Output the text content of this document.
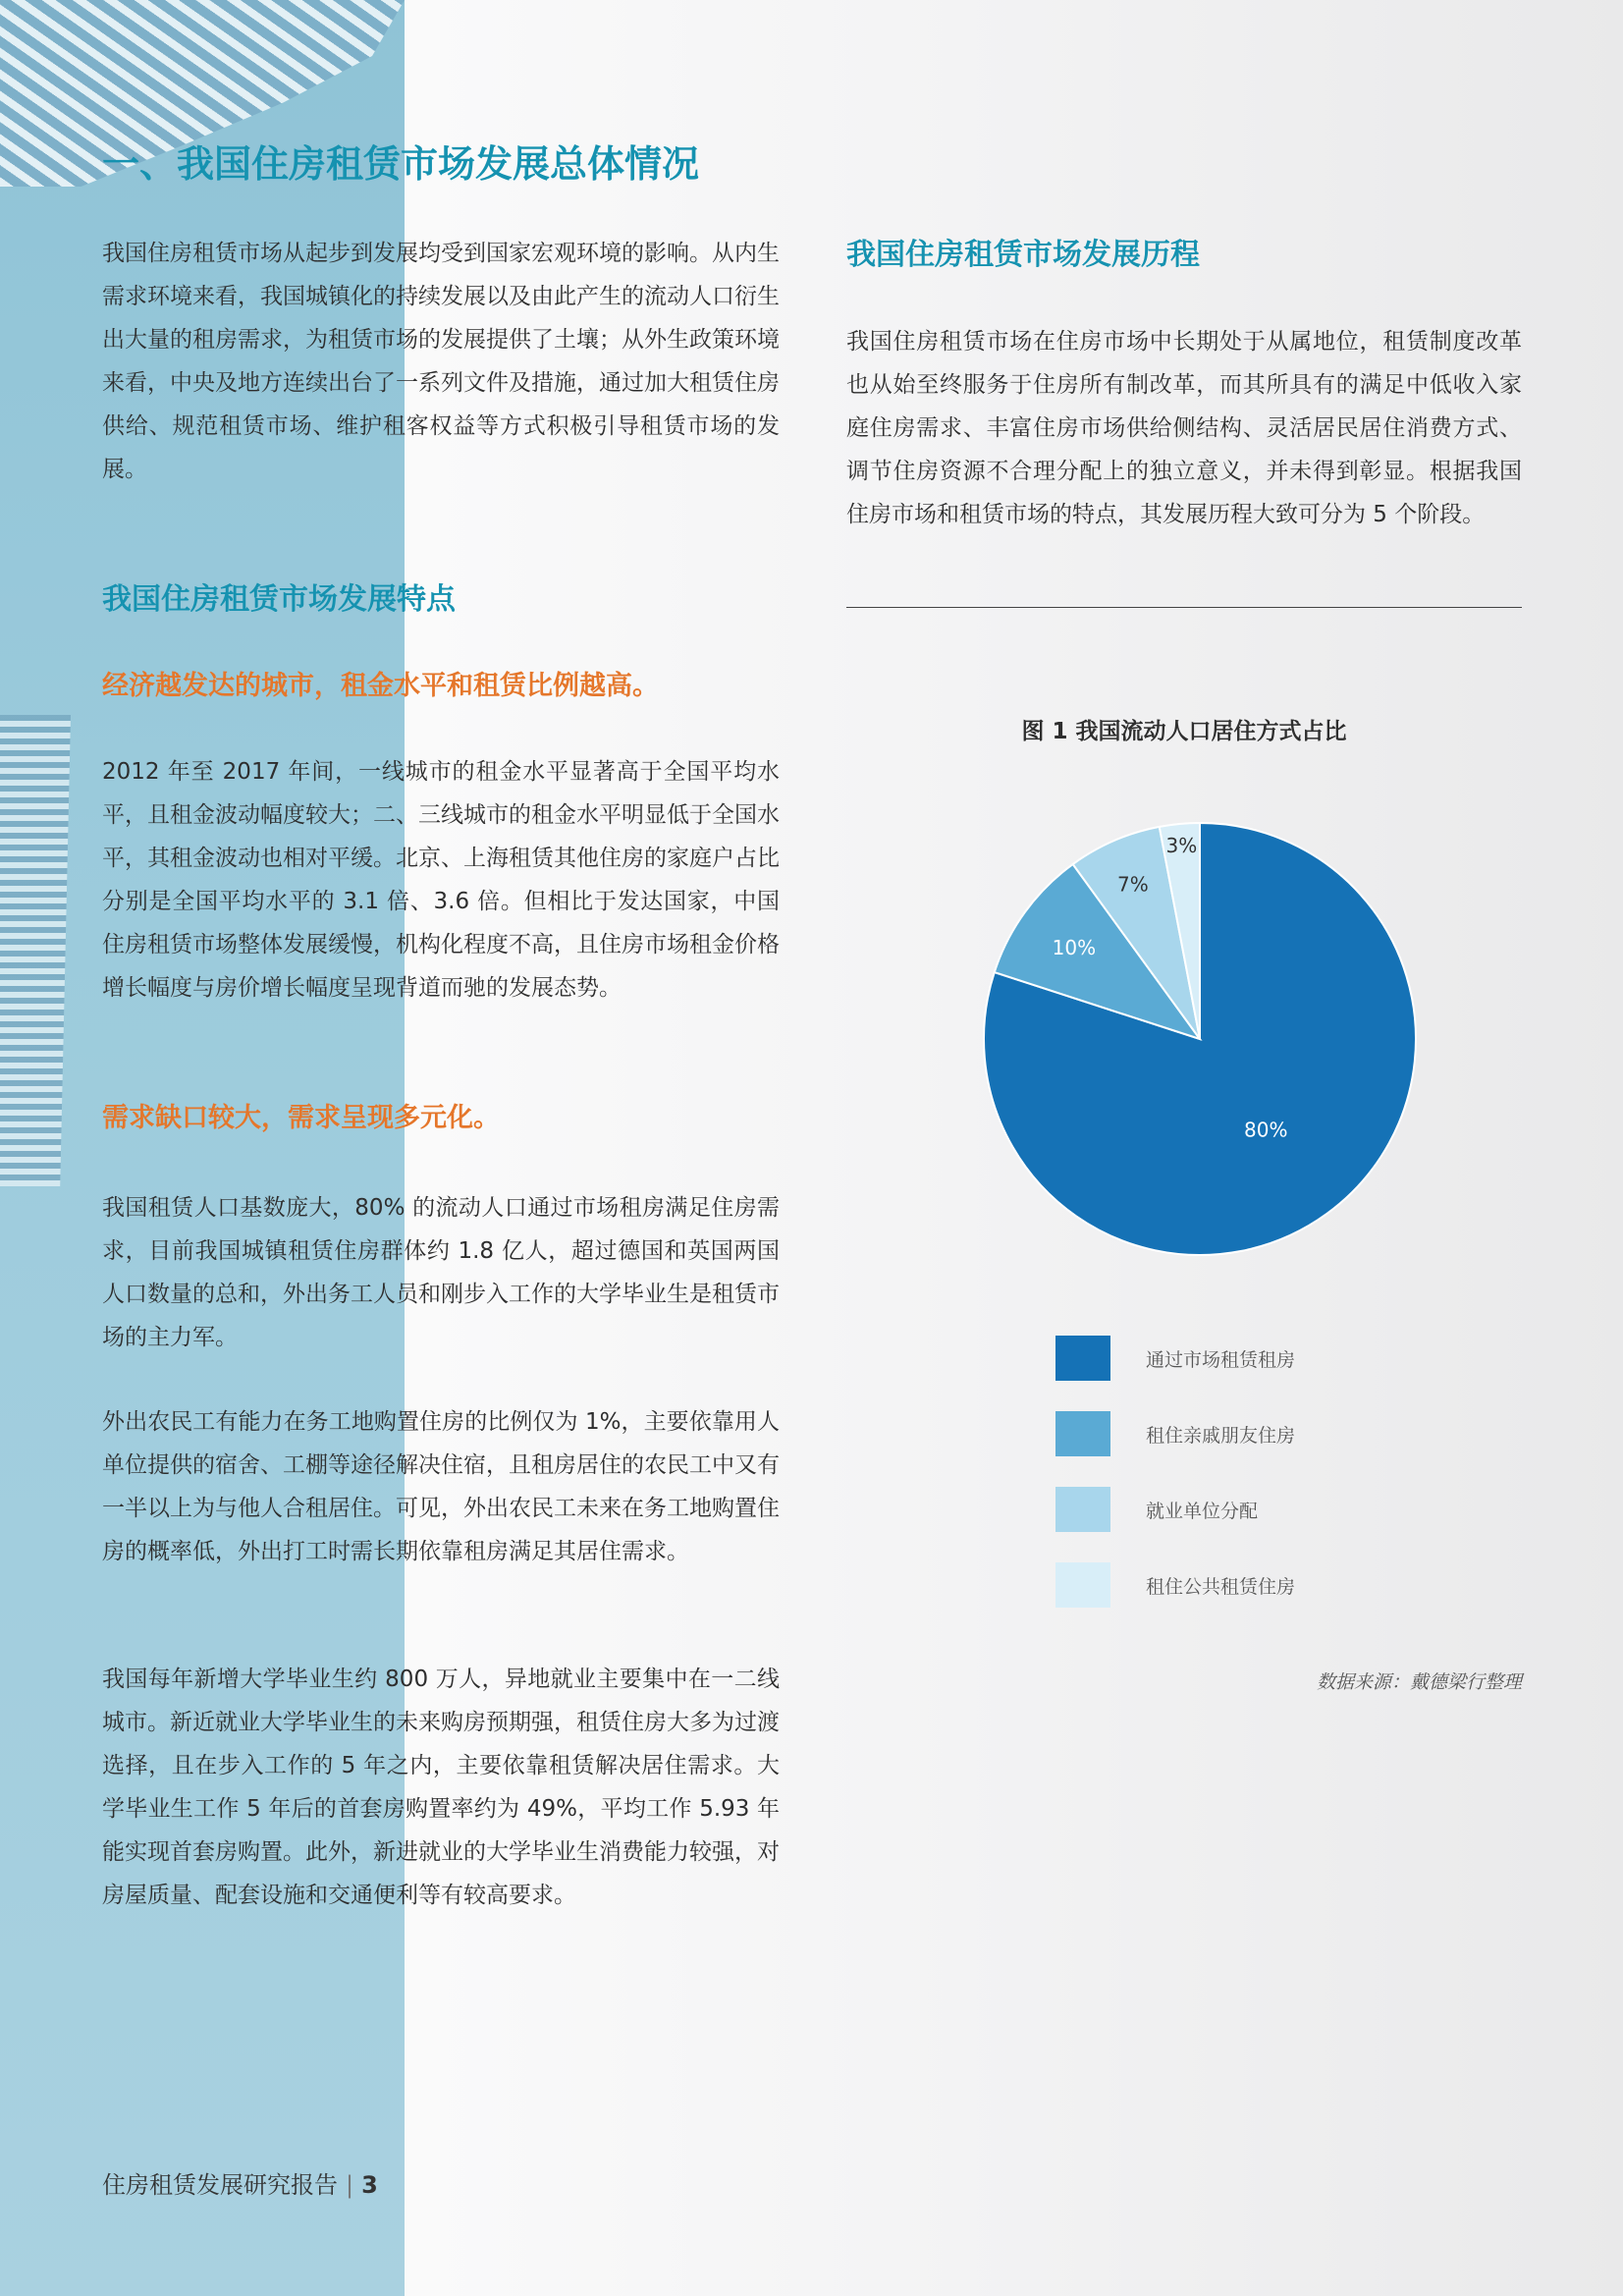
一、我国住房租赁市场发展总体情况
我国住房租赁市场从起步到发展均受到国家宏观环境的影响。从内生需求环境来看，我国城镇化的持续发展以及由此产生的流动人口衍生出大量的租房需求，为租赁市场的发展提供了土壤；从外生政策环境来看，中央及地方连续出台了一系列文件及措施，通过加大租赁住房供给、规范租赁市场、维护租客权益等方式积极引导租赁市场的发展。
我国住房租赁市场发展特点
经济越发达的城市，租金水平和租赁比例越高。
2012 年至 2017 年间，一线城市的租金水平显著高于全国平均水平，且租金波动幅度较大；二、三线城市的租金水平明显低于全国水平，其租金波动也相对平缓。北京、上海租赁其他住房的家庭户占比分别是全国平均水平的 3.1 倍、3.6 倍。但相比于发达国家，中国住房租赁市场整体发展缓慢，机构化程度不高，且住房市场租金价格增长幅度与房价增长幅度呈现背道而驰的发展态势。
需求缺口较大，需求呈现多元化。
我国租赁人口基数庞大，80% 的流动人口通过市场租房满足住房需求，目前我国城镇租赁住房群体约 1.8 亿人，超过德国和英国两国人口数量的总和，外出务工人员和刚步入工作的大学毕业生是租赁市场的主力军。
外出农民工有能力在务工地购置住房的比例仅为 1%，主要依靠用人单位提供的宿舍、工棚等途径解决住宿，且租房居住的农民工中又有一半以上为与他人合租居住。可见，外出农民工未来在务工地购置住房的概率低，外出打工时需长期依靠租房满足其居住需求。
我国每年新增大学毕业生约 800 万人，异地就业主要集中在一二线城市。新近就业大学毕业生的未来购房预期强，租赁住房大多为过渡选择，且在步入工作的 5 年之内，主要依靠租赁解决居住需求。大学毕业生工作 5 年后的首套房购置率约为 49%，平均工作 5.93 年能实现首套房购置。此外，新进就业的大学毕业生消费能力较强，对房屋质量、配套设施和交通便利等有较高要求。
我国住房租赁市场发展历程
我国住房租赁市场在住房市场中长期处于从属地位，租赁制度改革也从始至终服务于住房所有制改革，而其所具有的满足中低收入家庭住房需求、丰富住房市场供给侧结构、灵活居民居住消费方式、调节住房资源不合理分配上的独立意义，并未得到彰显。根据我国住房市场和租赁市场的特点，其发展历程大致可分为 5 个阶段。
图 1 我国流动人口居住方式占比
80%
10%
7%
3%
通过市场租赁租房
租住亲戚朋友住房
就业单位分配
租住公共租赁住房
数据来源：戴德梁行整理
住房租赁发展研究报告 | 3
